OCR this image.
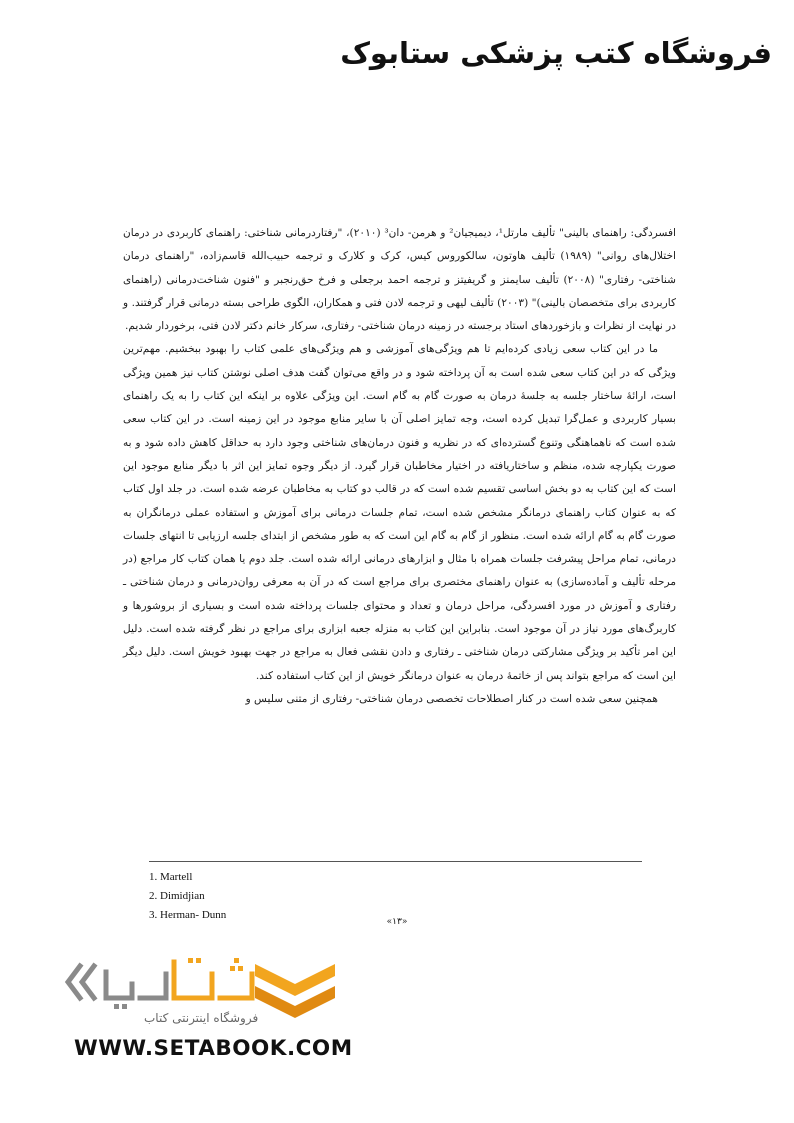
فروشگاه کتب پزشکی ستابوک

افسردگی: راهنمای بالینی" تألیف مارتل¹، دیمیجیان² و هرمن- دان³ (۲۰۱۰)، "رفتاردرمانی شناختی: راهنمای کاربردی در درمان اختلال‌های روانی" (۱۹۸۹) تألیف هاوتون، سالکوروس کیس، کرک و کلارک و ترجمه حبیب‌الله قاسم‌زاده، "راهنمای درمان شناختی- رفتاری" (۲۰۰۸) تألیف سایمنز و گریفیتز و ترجمه احمد برجعلی و فرخ حق‌رنجبر و "فنون شناخت‌درمانی (راهنمای کاربردی برای متخصصان بالینی)" (۲۰۰۳) تألیف لیهی و ترجمه لادن فتی و همکاران، الگوی طراحی بسته درمانی قرار گرفتند. و در نهایت از نظرات و بازخوردهای استاد برجسته در زمینه درمان شناختی- رفتاری، سرکار خانم دکتر لادن فتی، برخوردار شدیم.

ما در این کتاب سعی زیادی کرده‌ایم تا هم ویژگی‌های آموزشی و هم ویژگی‌های علمی کتاب را بهبود ببخشیم. مهم‌ترین ویژگی که در این کتاب سعی شده است به آن پرداخته شود و در واقع می‌توان گفت هدف اصلی نوشتن کتاب نیز همین ویژگی است، ارائهٔ ساختار جلسه به جلسهٔ درمان به صورت گام به گام است. این ویژگی علاوه بر اینکه این کتاب را به یک راهنمای بسیار کاربردی و عمل‌گرا تبدیل کرده است، وجه تمایز اصلی آن با سایر منابع موجود در این زمینه است. در این کتاب سعی شده است که ناهماهنگی وتنوع گسترده‌ای که در نظریه و فنون درمان‌های شناختی وجود دارد به حداقل کاهش داده شود و به صورت یکپارچه شده، منظم و ساختاریافته در اختیار مخاطبان قرار گیرد. از دیگر وجوه تمایز این اثر با دیگر منابع موجود این است که این کتاب به دو بخش اساسی تقسیم شده است که در قالب دو کتاب به مخاطبان عرضه شده است. در جلد اول کتاب که به عنوان کتاب راهنمای درمانگر مشخص شده است، تمام جلسات درمانی برای آموزش و استفاده عملی درمانگران به صورت گام به گام ارائه شده است. منظور از گام به گام این است که به طور مشخص از ابتدای جلسه ارزیابی تا انتهای جلسات درمانی، تمام مراحل پیشرفت جلسات همراه با مثال و ابزارهای درمانی ارائه شده است. جلد دوم یا همان کتاب کار مراجع (در مرحله تألیف و آماده‌سازی) به عنوان راهنمای مختصری برای مراجع است که در آن به معرفی روان‌درمانی و درمان شناختی ـ رفتاری و آموزش در مورد افسردگی، مراحل درمان و تعداد و محتوای جلسات پرداخته شده است و بسیاری از بروشورها و کاربرگ‌های مورد نیاز در آن موجود است. بنابراین این کتاب به منزله جعبه ابزاری برای مراجع در نظر گرفته شده است. دلیل این امر تأکید بر ویژگی مشارکتی درمان شناختی ـ رفتاری و دادن نقشی فعال به مراجع در جهت بهبود خویش است. دلیل دیگر این است که مراجع بتواند پس از خاتمهٔ درمان به عنوان درمانگر خویش از این کتاب استفاده کند.

همچنین سعی شده است در کنار اصطلاحات تخصصی درمان شناختی- رفتاری از متنی سلیس و

1. Martell
2. Dimidjian
3. Herman- Dunn
«۱۳»
فروشگاه اینترنتی کتاب
WWW.SETABOOK.COM
